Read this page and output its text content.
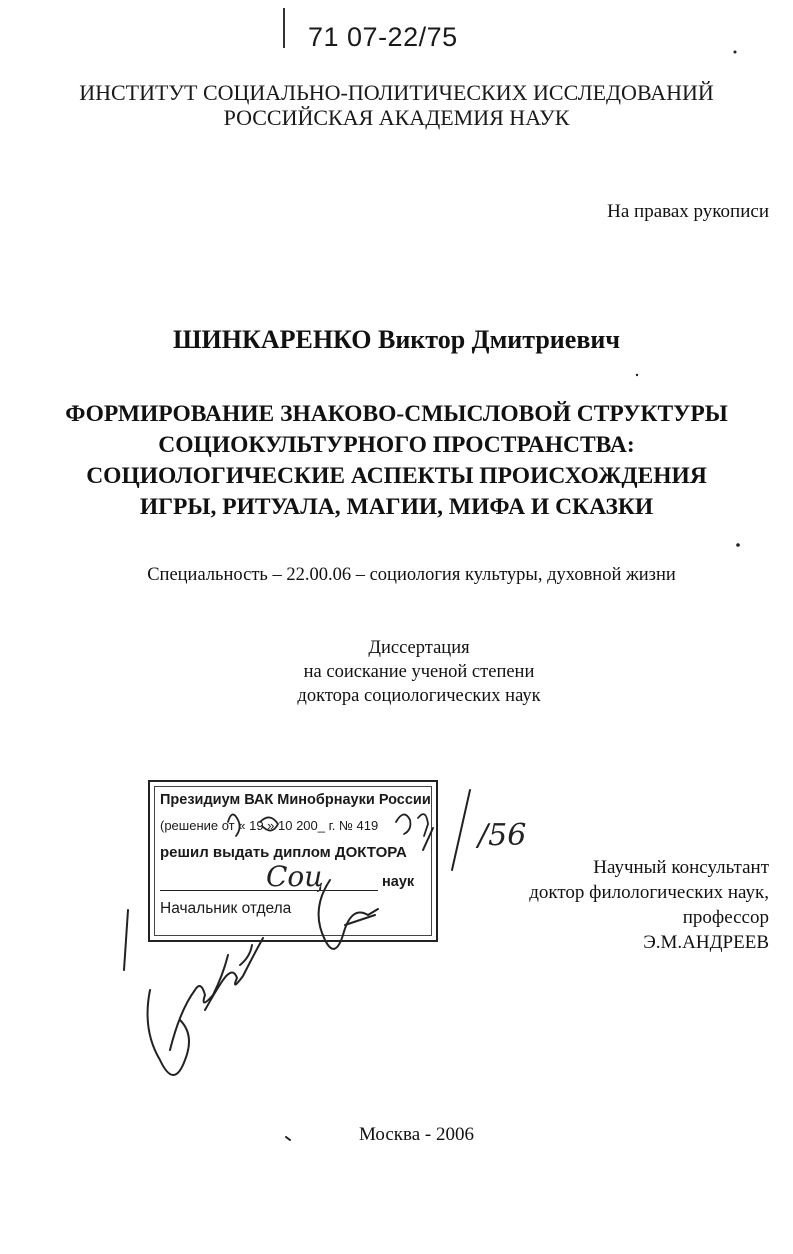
71 07-22/75
ИНСТИТУТ СОЦИАЛЬНО-ПОЛИТИЧЕСКИХ ИССЛЕДОВАНИЙ
РОССИЙСКАЯ АКАДЕМИЯ НАУК
На правах рукописи
ШИНКАРЕНКО Виктор Дмитриевич
ФОРМИРОВАНИЕ ЗНАКОВО-СМЫСЛОВОЙ СТРУКТУРЫ
СОЦИОКУЛЬТУРНОГО ПРОСТРАНСТВА:
СОЦИОЛОГИЧЕСКИЕ АСПЕКТЫ ПРОИСХОЖДЕНИЯ
ИГРЫ, РИТУАЛА, МАГИИ, МИФА И СКАЗКИ
Специальность – 22.00.06 – социология культуры, духовной жизни
Диссертация
на соискание ученой степени
доктора социологических наук
Президиум ВАК Минобрнауки России
(решение от « 19 » 10 200_ г. № 419
решил выдать диплом ДОКТОРА
наук
Начальник отдела
Научный консультант
доктор филологических наук,
профессор
Э.М.АНДРЕЕВ
Москва - 2006
/56
Соц
